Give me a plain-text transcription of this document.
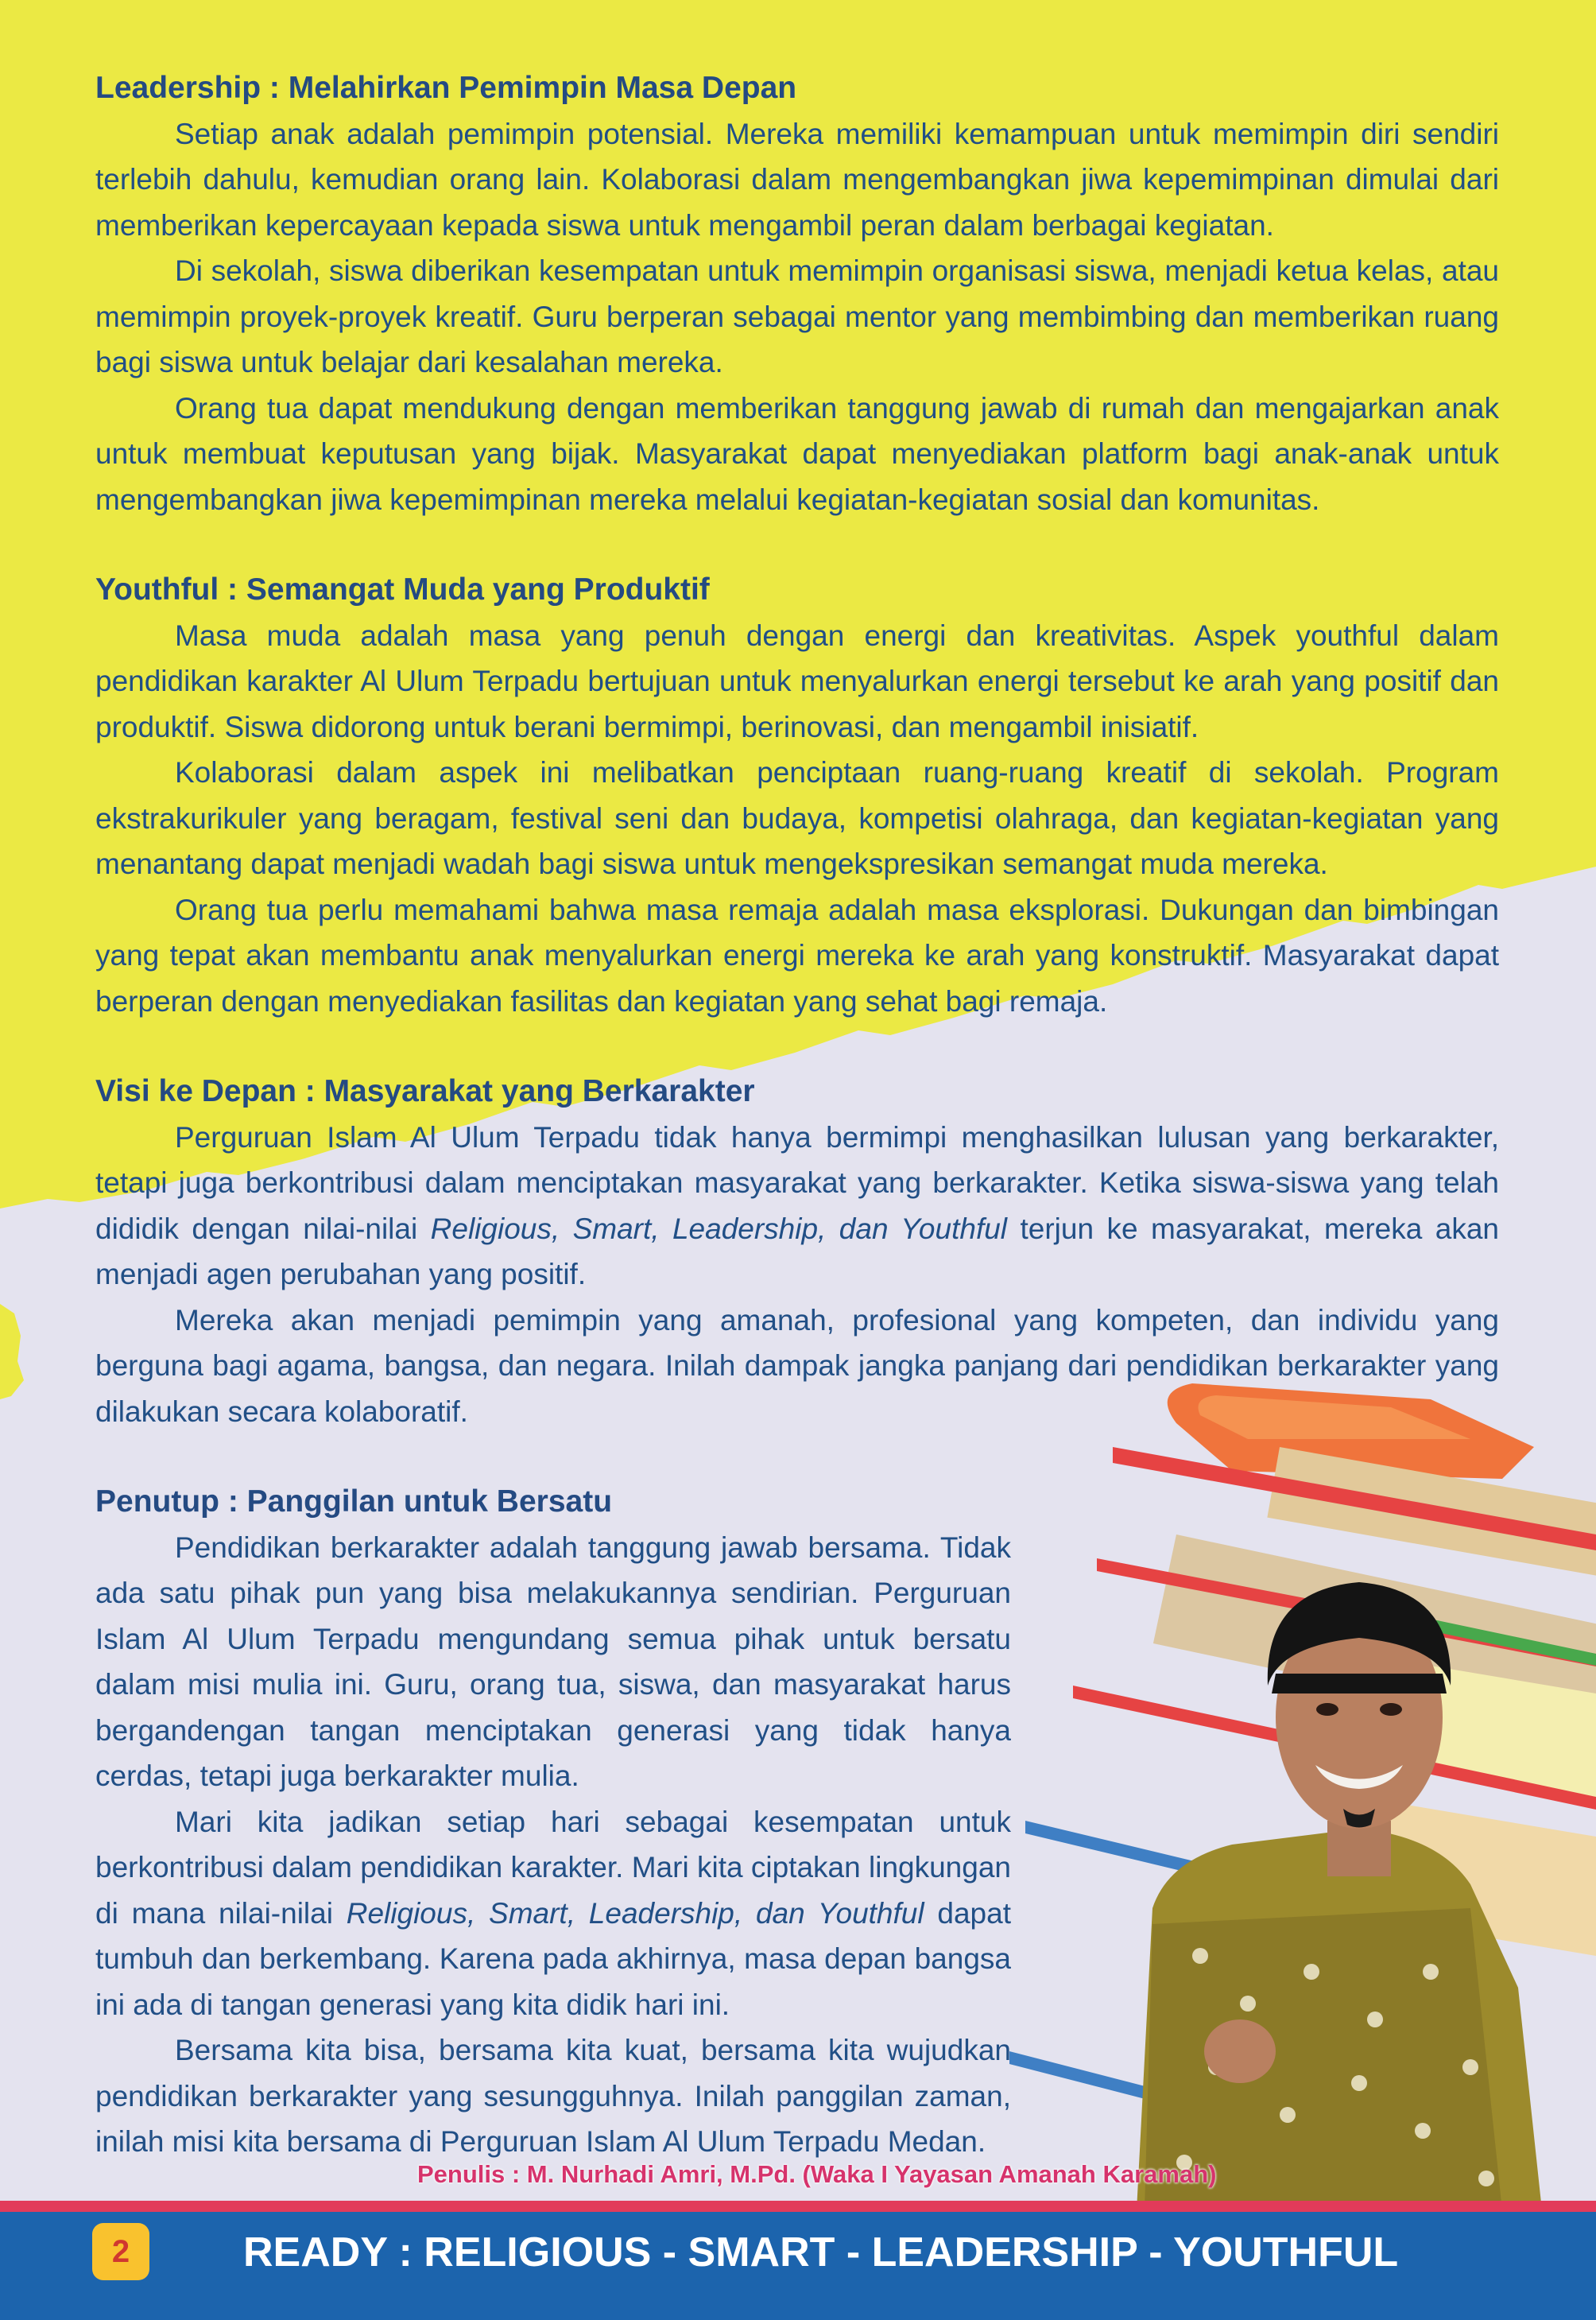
Leadership : Melahirkan Pemimpin Masa Depan

Setiap anak adalah pemimpin potensial. Mereka memiliki kemampuan untuk memimpin diri sendiri terlebih dahulu, kemudian orang lain. Kolaborasi dalam mengembangkan jiwa kepemimpinan dimulai dari memberikan kepercayaan kepada siswa untuk mengambil peran dalam berbagai kegiatan.

Di sekolah, siswa diberikan kesempatan untuk memimpin organisasi siswa, menjadi ketua kelas, atau memimpin proyek-proyek kreatif. Guru berperan sebagai mentor yang membimbing dan memberikan ruang bagi siswa untuk belajar dari kesalahan mereka.

Orang tua dapat mendukung dengan memberikan tanggung jawab di rumah dan mengajarkan anak untuk membuat keputusan yang bijak. Masyarakat dapat menyediakan platform bagi anak-anak untuk mengembangkan jiwa kepemimpinan mereka melalui kegiatan-kegiatan sosial dan komunitas.

Youthful : Semangat Muda yang Produktif

Masa muda adalah masa yang penuh dengan energi dan kreativitas. Aspek youthful dalam pendidikan karakter Al Ulum Terpadu bertujuan untuk menyalurkan energi tersebut ke arah yang positif dan produktif. Siswa didorong untuk berani bermimpi, berinovasi, dan mengambil inisiatif.

Kolaborasi dalam aspek ini melibatkan penciptaan ruang-ruang kreatif di sekolah. Program ekstrakurikuler yang beragam, festival seni dan budaya, kompetisi olahraga, dan kegiatan-kegiatan yang menantang dapat menjadi wadah bagi siswa untuk mengekspresikan semangat muda mereka.

Orang tua perlu memahami bahwa masa remaja adalah masa eksplorasi. Dukungan dan bimbingan yang tepat akan membantu anak menyalurkan energi mereka ke arah yang konstruktif. Masyarakat dapat berperan dengan menyediakan fasilitas dan kegiatan yang sehat bagi remaja.

Visi ke Depan : Masyarakat yang Berkarakter

Perguruan Islam Al Ulum Terpadu tidak hanya bermimpi menghasilkan lulusan yang berkarakter, tetapi juga berkontribusi dalam menciptakan masyarakat yang berkarakter. Ketika siswa-siswa yang telah dididik dengan nilai-nilai Religious, Smart, Leadership, dan Youthful terjun ke masyarakat, mereka akan menjadi agen perubahan yang positif.

Mereka akan menjadi pemimpin yang amanah, profesional yang kompeten, dan individu yang berguna bagi agama, bangsa, dan negara. Inilah dampak jangka panjang dari pendidikan berkarakter yang dilakukan secara kolaboratif.

Penutup : Panggilan untuk Bersatu

Pendidikan berkarakter adalah tanggung jawab bersama. Tidak ada satu pihak pun yang bisa melakukannya sendirian. Perguruan Islam Al Ulum Terpadu mengundang semua pihak untuk bersatu dalam misi mulia ini. Guru, orang tua, siswa, dan masyarakat harus bergandengan tangan menciptakan generasi yang tidak hanya cerdas, tetapi juga berkarakter mulia.

Mari kita jadikan setiap hari sebagai kesempatan untuk berkontribusi dalam pendidikan karakter. Mari kita ciptakan lingkungan di mana nilai-nilai Religious, Smart, Leadership, dan Youthful dapat tumbuh dan berkembang. Karena pada akhirnya, masa depan bangsa ini ada di tangan generasi yang kita didik hari ini.

Bersama kita bisa, bersama kita kuat, bersama kita wujudkan pendidikan berkarakter yang sesungguhnya. Inilah panggilan zaman, inilah misi kita bersama di Perguruan Islam Al Ulum Terpadu Medan.

Penulis : M. Nurhadi Amri, M.Pd. (Waka I Yayasan Amanah Karamah)
2	READY : RELIGIOUS - SMART - LEADERSHIP - YOUTHFUL
